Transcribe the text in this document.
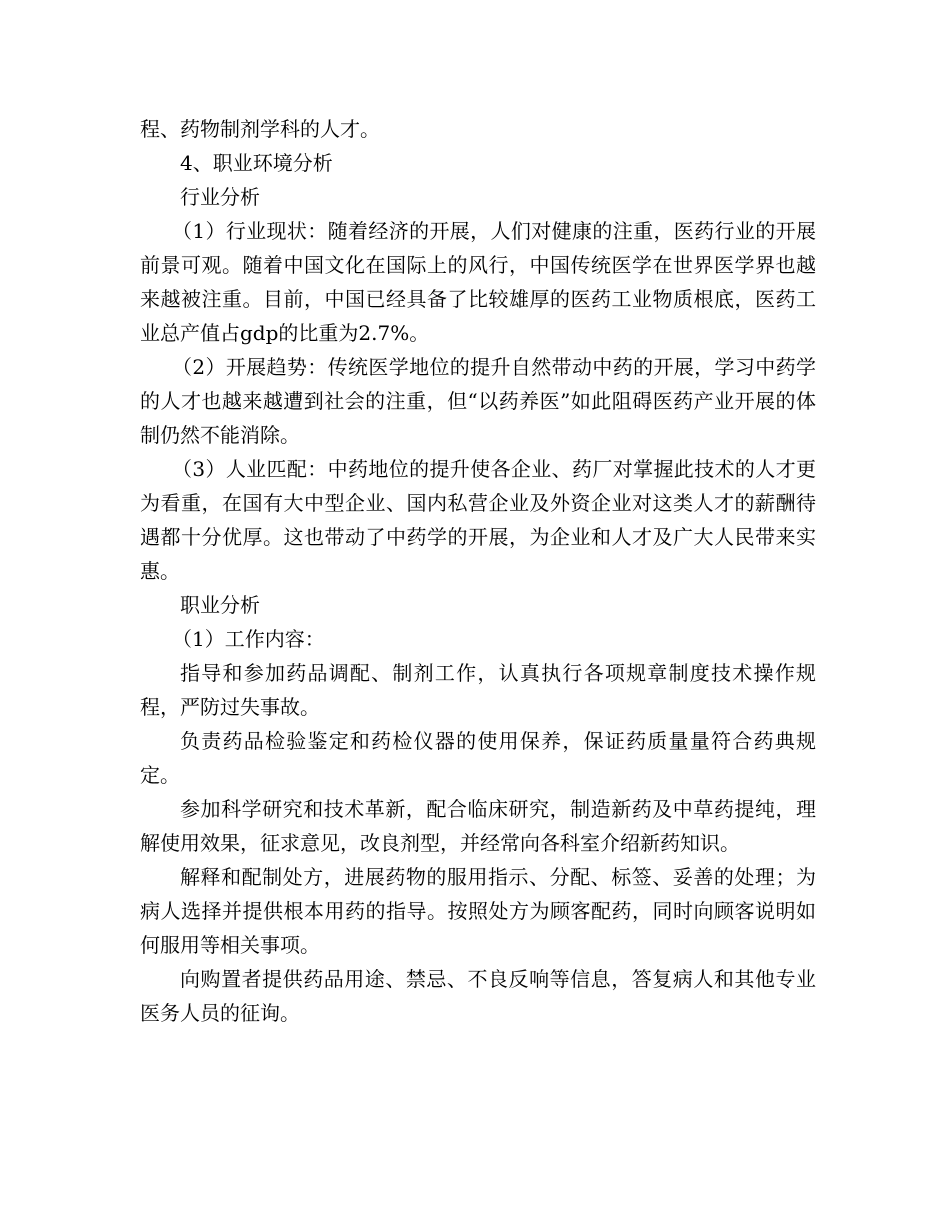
程、药物制剂学科的人才。

4、职业环境分析

行业分析

（1）行业现状：随着经济的开展，人们对健康的注重，医药行业的开展前景可观。随着中国文化在国际上的风行，中国传统医学在世界医学界也越来越被注重。目前，中国已经具备了比较雄厚的医药工业物质根底，医药工业总产值占gdp的比重为2.7%。

（2）开展趋势：传统医学地位的提升自然带动中药的开展，学习中药学的人才也越来越遭到社会的注重，但“以药养医”如此阻碍医药产业开展的体制仍然不能消除。

（3）人业匹配：中药地位的提升使各企业、药厂对掌握此技术的人才更为看重，在国有大中型企业、国内私营企业及外资企业对这类人才的薪酬待遇都十分优厚。这也带动了中药学的开展，为企业和人才及广大人民带来实惠。

职业分析

（1）工作内容：

指导和参加药品调配、制剂工作，认真执行各项规章制度技术操作规程，严防过失事故。

负责药品检验鉴定和药检仪器的使用保养，保证药质量量符合药典规定。

参加科学研究和技术革新，配合临床研究，制造新药及中草药提纯，理解使用效果，征求意见，改良剂型，并经常向各科室介绍新药知识。

解释和配制处方，进展药物的服用指示、分配、标签、妥善的处理；为病人选择并提供根本用药的指导。按照处方为顾客配药，同时向顾客说明如何服用等相关事项。

向购置者提供药品用途、禁忌、不良反响等信息，答复病人和其他专业医务人员的征询。
